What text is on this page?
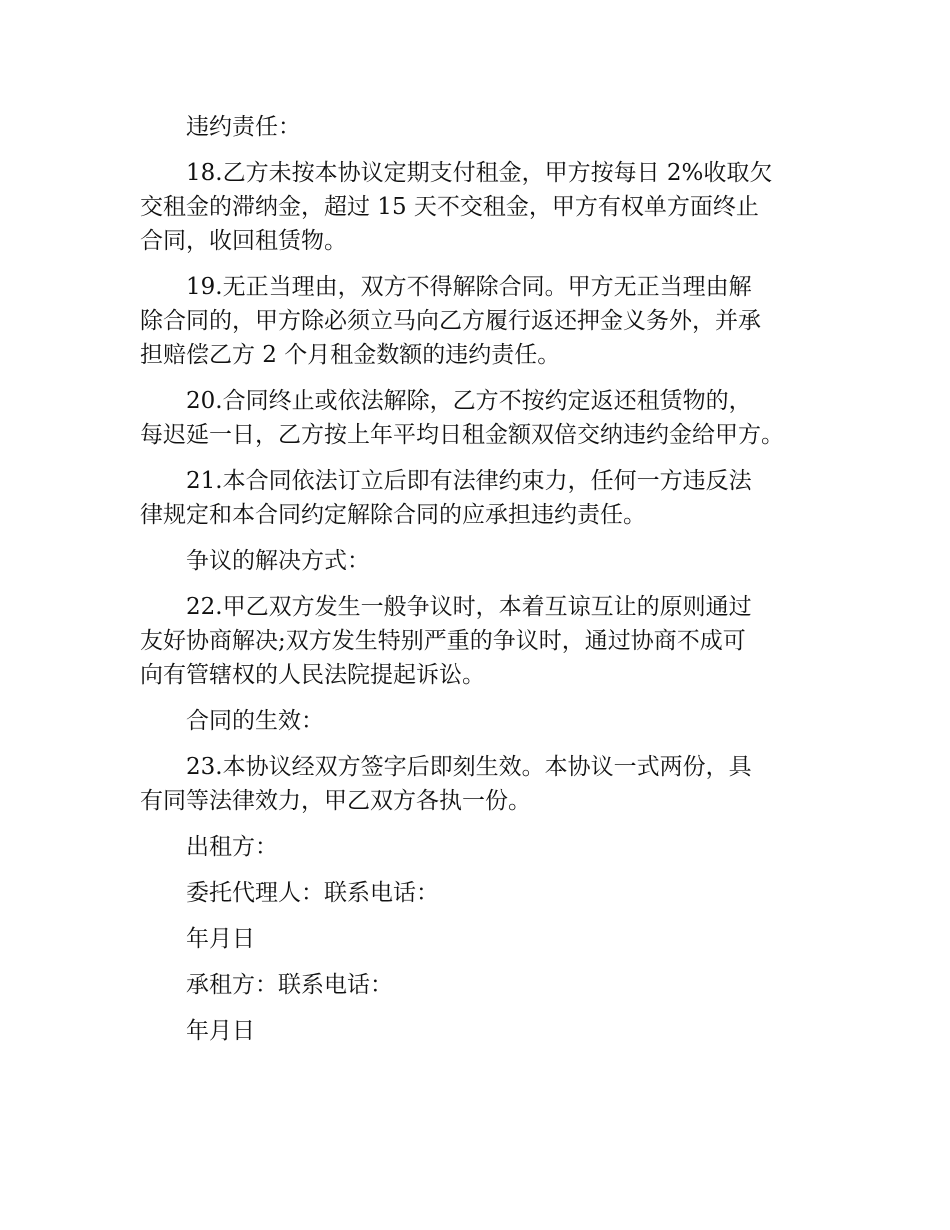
违约责任：
18.乙方未按本协议定期支付租金，甲方按每日 2%收取欠
交租金的滞纳金，超过 15 天不交租金，甲方有权单方面终止
合同，收回租赁物。
19.无正当理由，双方不得解除合同。甲方无正当理由解
除合同的，甲方除必须立马向乙方履行返还押金义务外，并承
担赔偿乙方 2 个月租金数额的违约责任。
20.合同终止或依法解除，乙方不按约定返还租赁物的，
每迟延一日，乙方按上年平均日租金额双倍交纳违约金给甲方。
21.本合同依法订立后即有法律约束力，任何一方违反法
律规定和本合同约定解除合同的应承担违约责任。
争议的解决方式：
22.甲乙双方发生一般争议时，本着互谅互让的原则通过
友好协商解决;双方发生特别严重的争议时，通过协商不成可
向有管辖权的人民法院提起诉讼。
合同的生效：
23.本协议经双方签字后即刻生效。本协议一式两份，具
有同等法律效力，甲乙双方各执一份。
出租方：
委托代理人：联系电话：
年月日
承租方：联系电话：
年月日
